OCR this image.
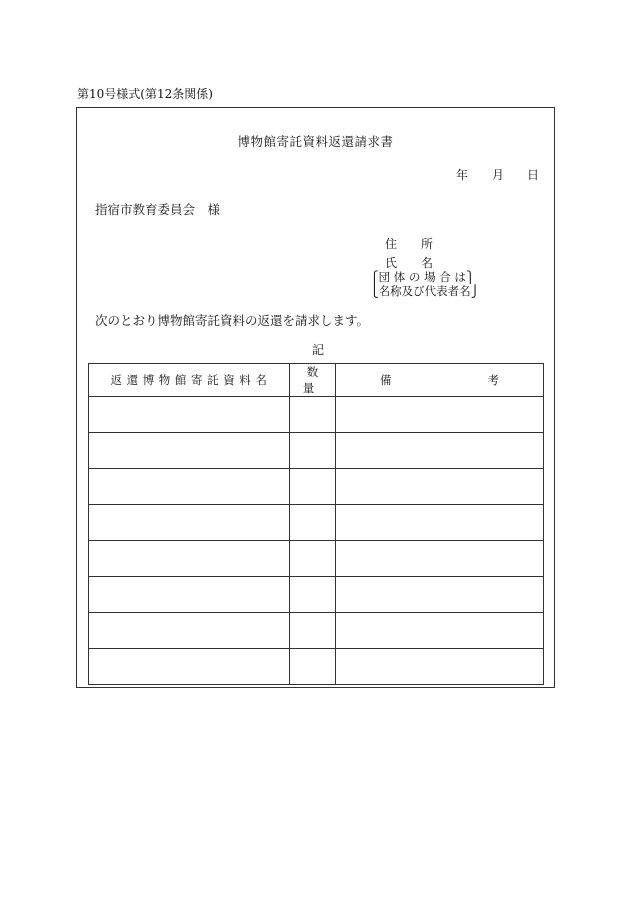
第10号様式(第12条関係)
博物館寄託資料返還請求書
年 月 日
指宿市教育委員会　様
住 所
氏 名
⎧団 体 の 場 合 は⎫
⎩名称及び代表者名⎭
次のとおり博物館寄託資料の返還を請求します。
記
返還博物館寄託資料名	数量	備 考
